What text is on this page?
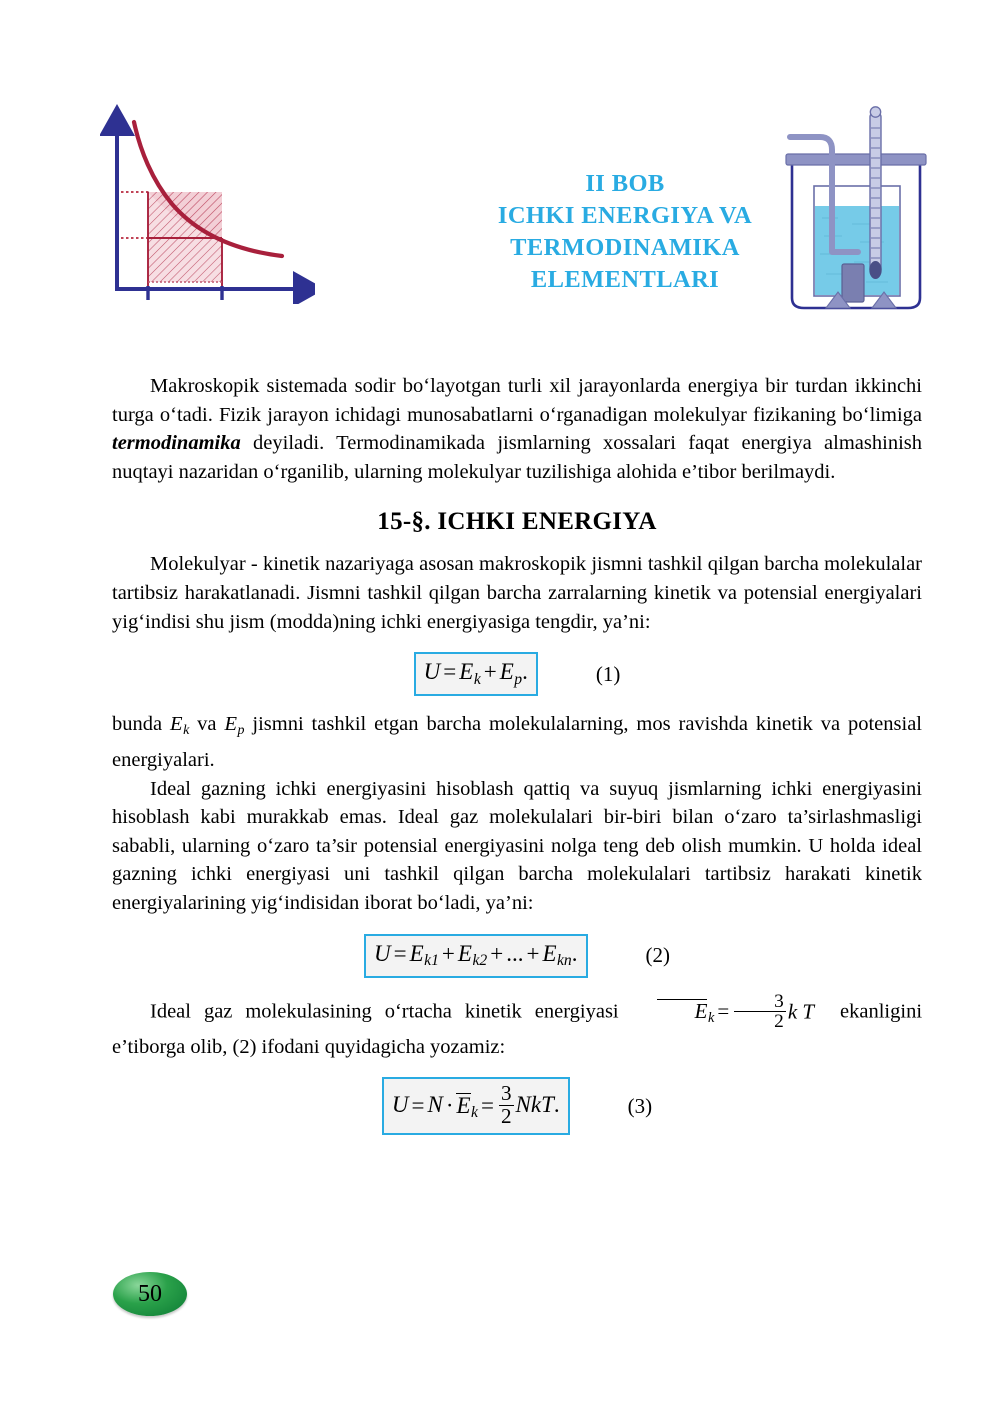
II BOB
ICHKI ENERGIYA VA
TERMODINAMIKA
ELEMENTLARI

Makroskopik sistemada sodir bo‘layotgan turli xil jarayonlarda energiya bir turdan ikkinchi turga o‘tadi. Fizik jarayon ichidagi munosabatlarni o‘rganadigan molekulyar fizikaning bo‘limiga termodinamika deyiladi. Termodinamikada jismlarning xossalari faqat energiya almashinish nuqtayi nazaridan o‘rganilib, ularning molekulyar tuzilishiga alohida e’tibor berilmaydi.

15-§. ICHKI ENERGIYA

Molekulyar - kinetik nazariyaga asosan makroskopik jismni tashkil qilgan barcha molekulalar tartibsiz harakatlanadi. Jismni tashkil qilgan barcha zarralarning kinetik va potensial energiyalari yig‘indisi shu jism (modda)ning ichki energiyasiga tengdir, ya’ni:

$U = E_k + E_p$.	(1)

bunda $E_k$ va $E_p$ jismni tashkil etgan barcha molekulalarning, mos ravishda kinetik va potensial energiyalari.

Ideal gazning ichki energiyasini hisoblash qattiq va suyuq jismlarning ichki energiyasini hisoblash kabi murakkab emas. Ideal gaz molekulalari bir-biri bilan o‘zaro ta’sirlashmasligi sababli, ularning o‘zaro ta’sir potensial energiyasini nolga teng deb olish mumkin. U holda ideal gazning ichki energiyasi uni tashkil qilgan barcha molekulalari tartibsiz harakati kinetik energiyalarining yig‘indisidan iborat bo‘ladi, ya’ni:

$U = E_{k1} + E_{k2}$ + ... + $E_{kn}$.	(2)

Ideal gaz molekulasining o‘rtacha kinetik energiyasi	$E_k = \frac{3}{2}$ k T ekanligini e’tiborga olib, (2) ifodani quyidagicha yozamiz:

$U = N \cdot E_k = \frac{3}{2}$ NkT.	(3)
50
